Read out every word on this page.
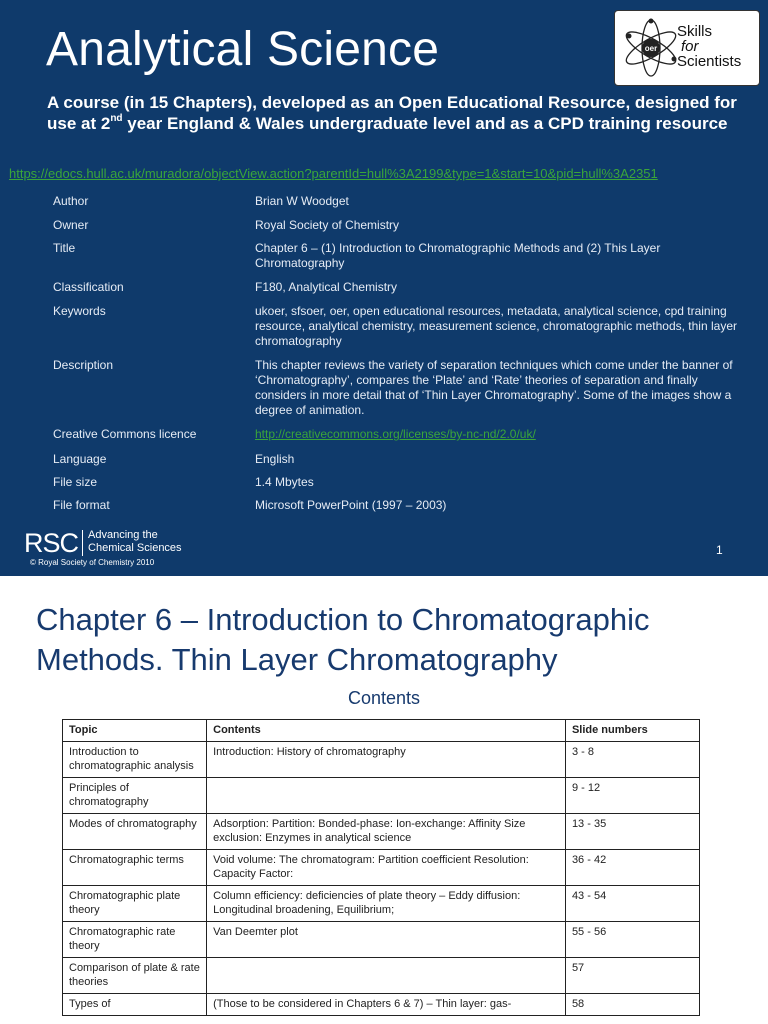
Analytical Science	oer
Skills
for
Scientists
A course (in 15 Chapters), developed as an Open Educational Resource, designed for use at 2nd year England & Wales undergraduate level and as a CPD training resource
https://edocs.hull.ac.uk/muradora/objectView.action?parentId=hull%3A2199&type=1&start=10&pid=hull%3A2351
Author	Brian W Woodget
Owner	Royal Society of Chemistry
Title	Chapter 6 – (1) Introduction to Chromatographic Methods and (2) This Layer Chromatography
Classification	F180, Analytical Chemistry
Keywords	ukoer, sfsoer, oer, open educational resources, metadata, analytical science, cpd training resource, analytical chemistry, measurement science, chromatographic methods, thin layer chromatography
Description	This chapter reviews the variety of separation techniques which come under the banner of ‘Chromatography’, compares the ‘Plate’ and ‘Rate’ theories of separation and finally considers in more detail that of ‘Thin Layer Chromatography’. Some of the images show a degree of animation.
Creative Commons licence	http://creativecommons.org/licenses/by-nc-nd/2.0/uk/
Language	English
File size	1.4 Mbytes
File format	Microsoft PowerPoint (1997 – 2003)
RSC Advancing the
Chemical Sciences
© Royal Society of Chemistry 2010
1
Chapter 6 – Introduction to Chromatographic Methods. Thin Layer Chromatography
Contents
Topic	Contents	Slide numbers
Introduction to chromatographic analysis	Introduction: History of chromatography	3 - 8
Principles of chromatography		9 - 12
Modes of chromatography	Adsorption: Partition: Bonded-phase: Ion-exchange: Affinity Size exclusion: Enzymes in analytical science	13 - 35
Chromatographic terms	Void volume: The chromatogram: Partition coefficient Resolution: Capacity Factor:	36 - 42
Chromatographic plate theory	Column efficiency: deficiencies of plate theory – Eddy diffusion: Longitudinal broadening, Equilibrium;	43 - 54
Chromatographic rate theory	Van Deemter plot	55 - 56
Comparison of plate & rate theories		57
Types of	(Those to be considered in Chapters 6 & 7) – Thin layer: gas-	58
